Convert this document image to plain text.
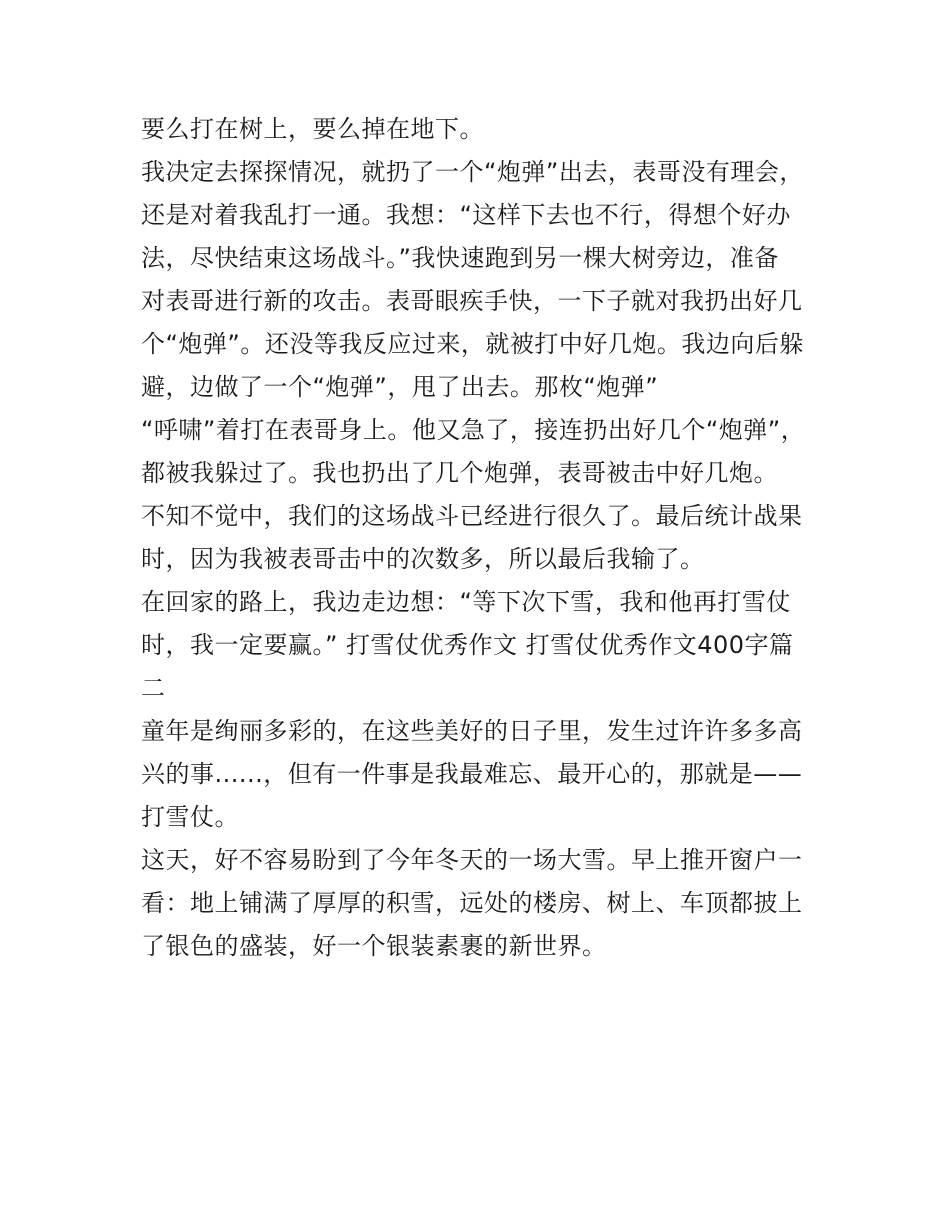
要么打在树上，要么掉在地下。
我决定去探探情况，就扔了一个“炮弹”出去，表哥没有理会，
还是对着我乱打一通。我想：“这样下去也不行，得想个好办
法，尽快结束这场战斗。”我快速跑到另一棵大树旁边，准备
对表哥进行新的攻击。表哥眼疾手快，一下子就对我扔出好几
个“炮弹”。还没等我反应过来，就被打中好几炮。我边向后躲
避，边做了一个“炮弹”，甩了出去。那枚“炮弹”
“呼啸”着打在表哥身上。他又急了，接连扔出好几个“炮弹”，
都被我躲过了。我也扔出了几个炮弹，表哥被击中好几炮。
不知不觉中，我们的这场战斗已经进行很久了。最后统计战果
时，因为我被表哥击中的次数多，所以最后我输了。
在回家的路上，我边走边想：“等下次下雪，我和他再打雪仗
时，我一定要赢。” 打雪仗优秀作文 打雪仗优秀作文400字篇
二
童年是绚丽多彩的，在这些美好的日子里，发生过许许多多高
兴的事......，但有一件事是我最难忘、最开心的，那就是——
打雪仗。
这天，好不容易盼到了今年冬天的一场大雪。早上推开窗户一
看：地上铺满了厚厚的积雪，远处的楼房、树上、车顶都披上
了银色的盛装，好一个银装素裹的新世界。
